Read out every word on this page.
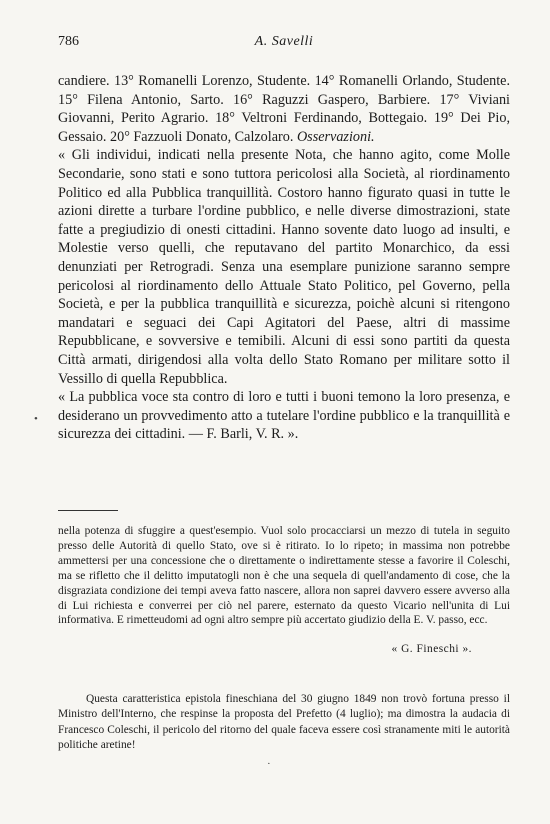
786	A. Savelli

candiere. 13° Romanelli Lorenzo, Studente. 14° Romanelli Orlando, Studente. 15° Filena Antonio, Sarto. 16° Raguzzi Gaspero, Barbiere. 17° Viviani Giovanni, Perito Agrario. 18° Veltroni Ferdinando, Bottegaio. 19° Dei Pio, Gessaio. 20° Fazzuoli Donato, Calzolaro. Osservazioni.

« Gli individui, indicati nella presente Nota, che hanno agito, come Molle Secondarie, sono stati e sono tuttora pericolosi alla Società, al riordinamento Politico ed alla Pubblica tranquillità. Costoro hanno figurato quasi in tutte le azioni dirette a turbare l'ordine pubblico, e nelle diverse dimostrazioni, state fatte a pregiudizio di onesti cittadini. Hanno sovente dato luogo ad insulti, e Molestie verso quelli, che reputavano del partito Monarchico, da essi denunziati per Retrogradi. Senza una esemplare punizione saranno sempre pericolosi al riordinamento dello Attuale Stato Politico, pel Governo, pella Società, e per la pubblica tranquillità e sicurezza, poichè alcuni si ritengono mandatari e seguaci dei Capi Agitatori del Paese, altri di massime Repubblicane, e sovversive e temibili. Alcuni di essi sono partiti da questa Città armati, dirigendosi alla volta dello Stato Romano per militare sotto il Vessillo di quella Repubblica.

« La pubblica voce sta contro di loro e tutti i buoni temono la loro presenza, e desiderano un provvedimento atto a tutelare l'ordine pubblico e la tranquillità e sicurezza dei cittadini. — F. Barli, V. R. ».

nella potenza di sfuggire a quest'esempio. Vuol solo procacciarsi un mezzo di tutela in seguito presso delle Autorità di quello Stato, ove si è ritirato. Io lo ripeto; in massima non potrebbe ammettersi per una concessione che o direttamente o indirettamente stesse a favorire il Coleschi, ma se rifletto che il delitto imputatogli non è che una sequela di quell'andamento di cose, che la disgraziata condizione dei tempi aveva fatto nascere, allora non saprei davvero essere avverso alla di Lui richiesta e converrei per ciò nel parere, esternato da questo Vicario nell'unita di Lui informativa. E rimetteudomi ad ogni altro sempre più accertato giudizio della E. V. passo, ecc.

« G. Fineschi ».

Questa caratteristica epistola fineschiana del 30 giugno 1849 non trovò fortuna presso il Ministro dell'Interno, che respinse la proposta del Prefetto (4 luglio); ma dimostra la audacia di Francesco Coleschi, il pericolo del ritorno del quale faceva essere così stranamente miti le autorità politiche aretine!

•
·
